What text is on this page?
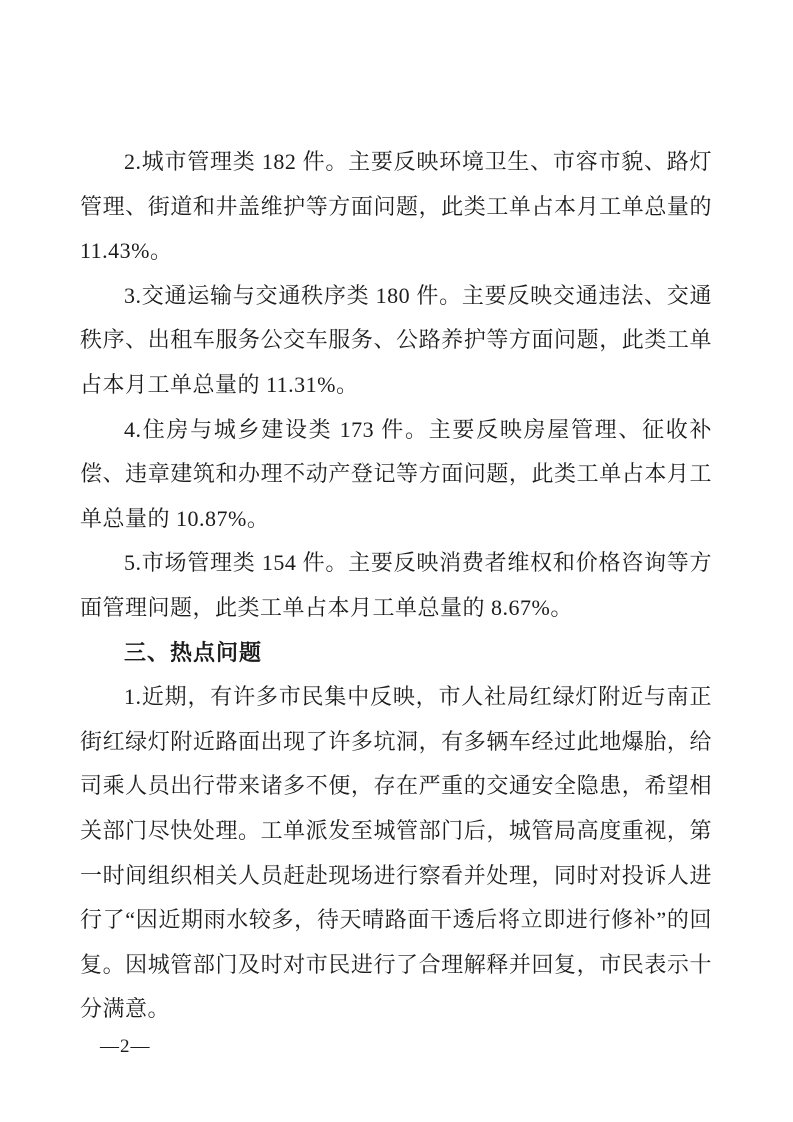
2.城市管理类 182 件。主要反映环境卫生、市容市貌、路灯管理、街道和井盖维护等方面问题，此类工单占本月工单总量的 11.43%。

3.交通运输与交通秩序类 180 件。主要反映交通违法、交通秩序、出租车服务公交车服务、公路养护等方面问题，此类工单占本月工单总量的 11.31%。

4.住房与城乡建设类 173 件。主要反映房屋管理、征收补偿、违章建筑和办理不动产登记等方面问题，此类工单占本月工单总量的 10.87%。

5.市场管理类 154 件。主要反映消费者维权和价格咨询等方面管理问题，此类工单占本月工单总量的 8.67%。

三、热点问题

1.近期，有许多市民集中反映，市人社局红绿灯附近与南正街红绿灯附近路面出现了许多坑洞，有多辆车经过此地爆胎，给司乘人员出行带来诸多不便，存在严重的交通安全隐患，希望相关部门尽快处理。工单派发至城管部门后，城管局高度重视，第一时间组织相关人员赶赴现场进行察看并处理，同时对投诉人进行了“因近期雨水较多，待天晴路面干透后将立即进行修补”的回复。因城管部门及时对市民进行了合理解释并回复，市民表示十分满意。

—2—
